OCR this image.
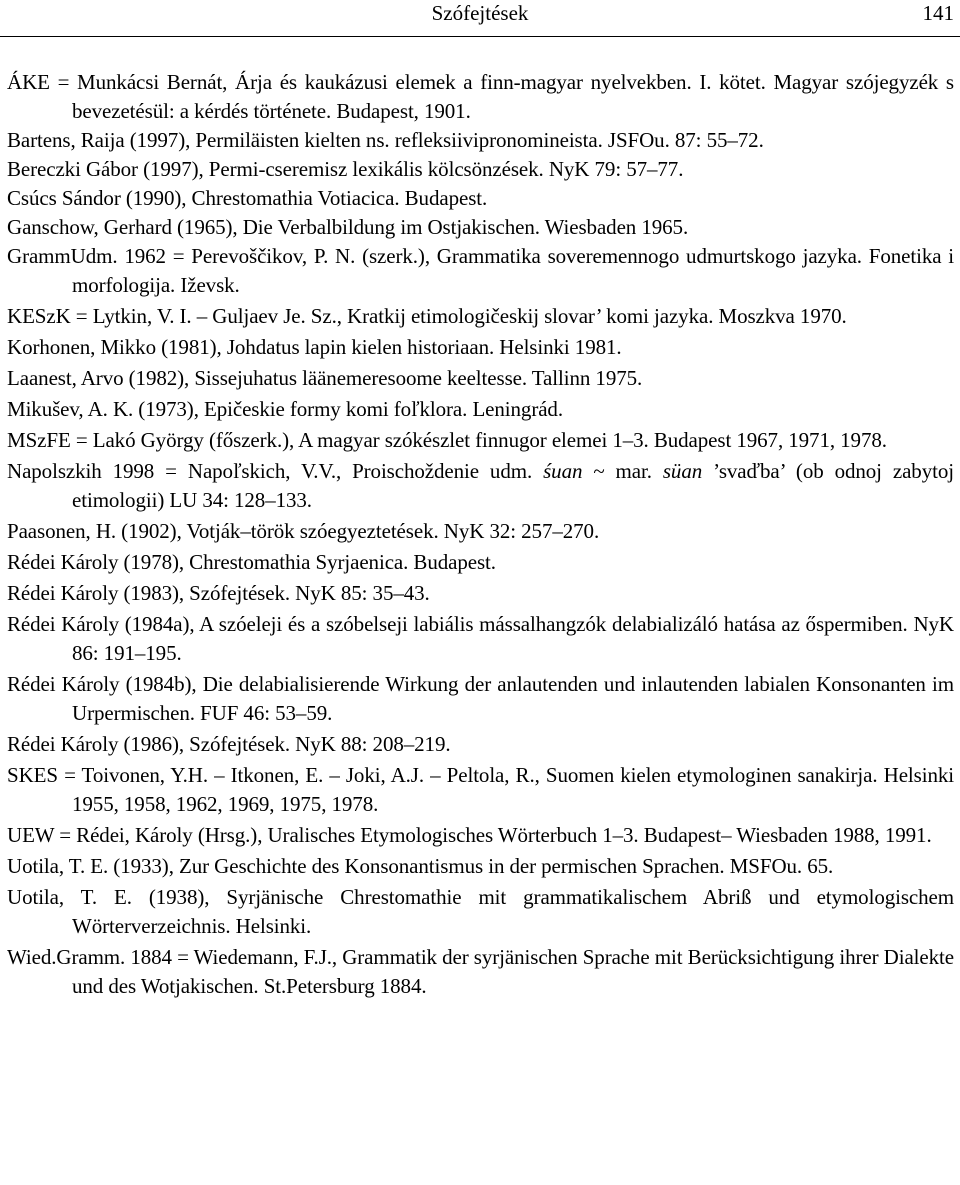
Szófejtések	141

ÁKE = Munkácsi Bernát, Árja és kaukázusi elemek a finn-magyar nyelvekben. I. kötet. Magyar szójegyzék s bevezetésül: a kérdés története. Budapest, 1901.

Bartens, Raija (1997), Permiläisten kielten ns. refleksiivipronomineista. JSFOu. 87: 55‒72.

Bereczki Gábor (1997), Permi-cseremisz lexikális kölcsönzések. NyK 79: 57‒77.

Csúcs Sándor (1990), Chrestomathia Votiacica. Budapest.

Ganschow, Gerhard (1965), Die Verbalbildung im Ostjakischen. Wiesbaden 1965.

GrammUdm. 1962 = Perevoščikov, P. N. (szerk.), Grammatika soveremennogo udmurtskogo jazyka. Fonetika i morfologija. Iževsk.

KESzK = Lytkin, V. I. ‒ Guljaev Je. Sz., Kratkij etimologičeskij slovar’ komi jazyka. Moszkva 1970.

Korhonen, Mikko (1981), Johdatus lapin kielen historiaan. Helsinki 1981.

Laanest, Arvo (1982), Sissejuhatus läänemeresoome keeltesse. Tallinn 1975.

Mikušev, A. K. (1973), Epičeskie formy komi foľklora. Leningrád.

MSzFE = Lakó György (főszerk.), A magyar szókészlet finnugor elemei 1‒3. Budapest 1967, 1971, 1978.

Napolszkih 1998 = Napoľskich, V.V., Proischoždenie udm. śuan ~ mar. süan ’svaďba’ (ob odnoj zabytoj etimologii) LU 34: 128‒133.

Paasonen, H. (1902), Votják‒török szóegyeztetések. NyK 32: 257‒270.

Rédei Károly (1978), Chrestomathia Syrjaenica. Budapest.

Rédei Károly (1983), Szófejtések. NyK 85: 35‒43.

Rédei Károly (1984a), A szóeleji és a szóbelseji labiális mássalhangzók delabializáló hatása az őspermiben. NyK 86: 191‒195.

Rédei Károly (1984b), Die delabialisierende Wirkung der anlautenden und inlautenden labialen Konsonanten im Urpermischen. FUF 46: 53‒59.

Rédei Károly (1986), Szófejtések. NyK 88: 208‒219.

SKES = Toivonen, Y.H. ‒ Itkonen, E. ‒ Joki, A.J. ‒ Peltola, R., Suomen kielen etymologinen sanakirja. Helsinki 1955, 1958, 1962, 1969, 1975, 1978.

UEW = Rédei, Károly (Hrsg.), Uralisches Etymologisches Wörterbuch 1‒3. Budapest‒ Wiesbaden 1988, 1991.

Uotila, T. E. (1933), Zur Geschichte des Konsonantismus in der permischen Sprachen. MSFOu. 65.

Uotila, T. E. (1938), Syrjänische Chrestomathie mit grammatikalischem Abriß und etymologischem Wörterverzeichnis. Helsinki.

Wied.Gramm. 1884 = Wiedemann, F.J., Grammatik der syrjänischen Sprache mit Berücksichtigung ihrer Dialekte und des Wotjakischen. St.Petersburg 1884.
